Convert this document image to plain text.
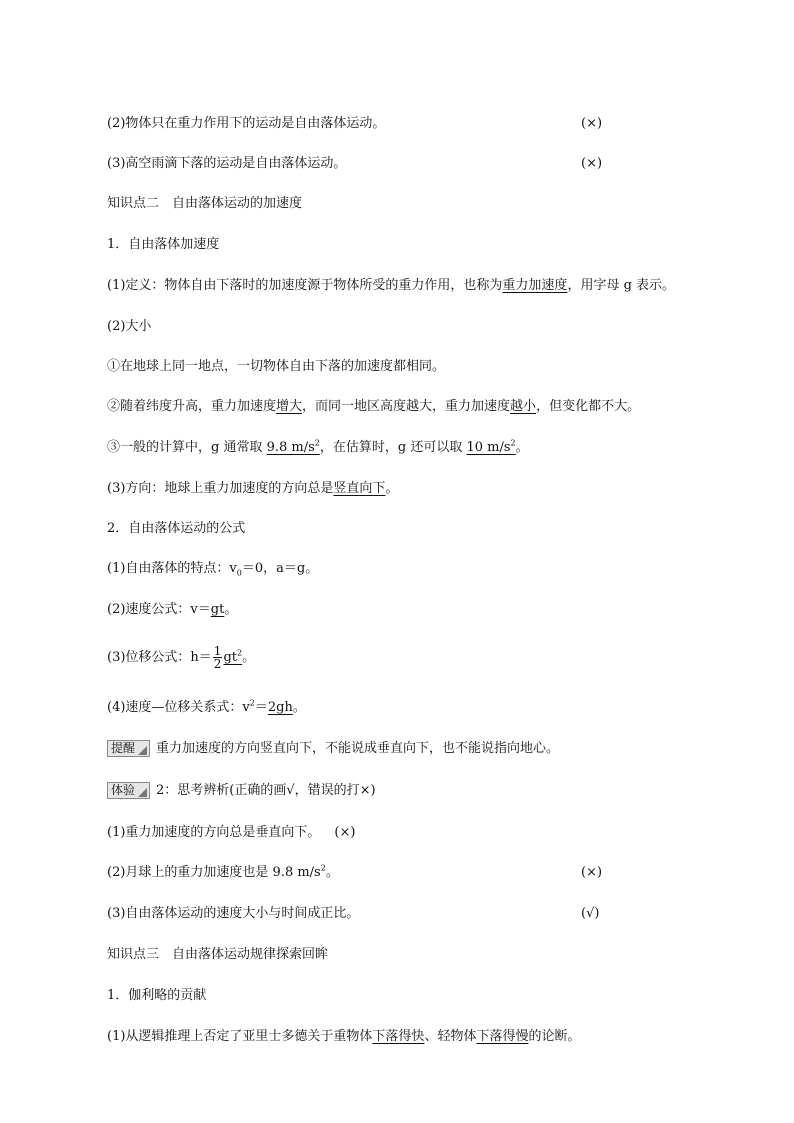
(2)物体只在重力作用下的运动是自由落体运动。	(×)
(3)高空雨滴下落的运动是自由落体运动。	(×)
知识点二　自由落体运动的加速度
1．自由落体加速度
(1)定义：物体自由下落时的加速度源于物体所受的重力作用，也称为重力加速度，用字母 g 表示。
(2)大小
①在地球上同一地点，一切物体自由下落的加速度都相同。
②随着纬度升高，重力加速度增大，而同一地区高度越大，重力加速度越小，但变化都不大。
③一般的计算中，g 通常取 9.8 $m/s^2$，在估算时，g 还可以取 10 $m/s^2$。
(3)方向：地球上重力加速度的方向总是竖直向下。
2．自由落体运动的公式
(1)自由落体的特点：$v_0=0$，a＝g。
(2)速度公式：v＝gt。
(3)位移公式：$h= \frac{1}{2} gt^2$。
(4)速度—位移关系式：$v^2=2gh$。
提醒 重力加速度的方向竖直向下，不能说成垂直向下，也不能说指向地心。
体验 2：思考辨析(正确的画√，错误的打×)
(1)重力加速度的方向总是垂直向下。 (×)
(2)月球上的重力加速度也是 9.8 $m/s^2$。	(×)
(3)自由落体运动的速度大小与时间成正比。	(√)
知识点三　自由落体运动规律探索回眸
1．伽利略的贡献
(1)从逻辑推理上否定了亚里士多德关于重物体下落得快、轻物体下落得慢的论断。
